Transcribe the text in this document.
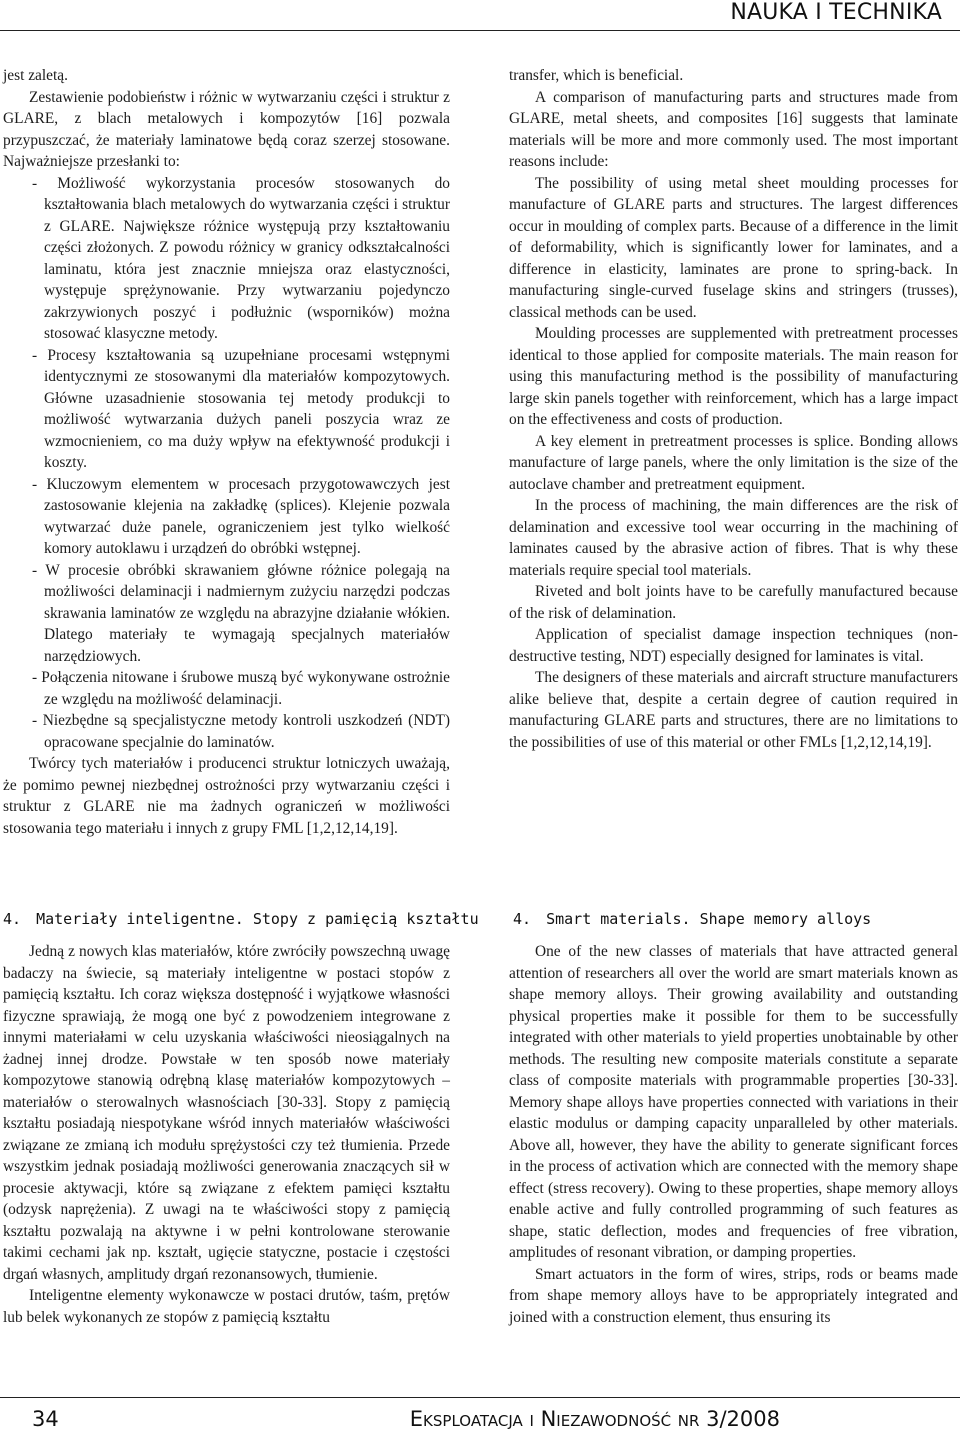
NAUKA I TECHNIKA

jest zaletą.

Zestawienie podobieństw i różnic w wytwarzaniu części i struktur z GLARE, z blach metalowych i kompozytów [16] pozwala przypuszczać, że materiały laminatowe będą coraz szerzej stosowane. Najważniejsze przesłanki to:

- Możliwość wykorzystania procesów stosowanych do kształtowania blach metalowych do wytwarzania części i struktur z GLARE. Największe różnice występują przy kształtowaniu części złożonych. Z powodu różnicy w granicy odkształcalności laminatu, która jest znacznie mniejsza oraz elastyczności, występuje sprężynowanie. Przy wytwarzaniu pojedynczo zakrzywionych poszyć i podłużnic (wsporników) można stosować klasyczne metody.

- Procesy kształtowania są uzupełniane procesami wstępnymi identycznymi ze stosowanymi dla materiałów kompozytowych. Główne uzasadnienie stosowania tej metody produkcji to możliwość wytwarzania dużych paneli poszycia wraz ze wzmocnieniem, co ma duży wpływ na efektywność produkcji i koszty.

- Kluczowym elementem w procesach przygotowawczych jest zastosowanie klejenia na zakładkę (splices). Klejenie pozwala wytwarzać duże panele, ograniczeniem jest tylko wielkość komory autoklawu i urządzeń do obróbki wstępnej.

- W procesie obróbki skrawaniem główne różnice polegają na możliwości delaminacji i nadmiernym zużyciu narzędzi podczas skrawania laminatów ze względu na abrazyjne działanie włókien. Dlatego materiały te wymagają specjalnych materiałów narzędziowych.

- Połączenia nitowane i śrubowe muszą być wykonywane ostrożnie ze względu na możliwość delaminacji.

- Niezbędne są specjalistyczne metody kontroli uszkodzeń (NDT) opracowane specjalnie do laminatów.

Twórcy tych materiałów i producenci struktur lotniczych uważają, że pomimo pewnej niezbędnej ostrożności przy wytwarzaniu części i struktur z GLARE nie ma żadnych ograniczeń w możliwości stosowania tego materiału i innych z grupy FML [1,2,12,14,19].

transfer, which is beneficial.

A comparison of manufacturing parts and structures made from GLARE, metal sheets, and composites [16] suggests that laminate materials will be more and more commonly used. The most important reasons include:

The possibility of using metal sheet moulding processes for manufacture of GLARE parts and structures. The largest differences occur in moulding of complex parts. Because of a difference in the limit of deformability, which is significantly lower for laminates, and a difference in elasticity, laminates are prone to spring-back. In manufacturing single-curved fuselage skins and stringers (trusses), classical methods can be used.

Moulding processes are supplemented with pretreatment processes identical to those applied for composite materials. The main reason for using this manufacturing method is the possibility of manufacturing large skin panels together with reinforcement, which has a large impact on the effectiveness and costs of production.

A key element in pretreatment processes is splice. Bonding allows manufacture of large panels, where the only limitation is the size of the autoclave chamber and pretreatment equipment.

In the process of machining, the main differences are the risk of delamination and excessive tool wear occurring in the machining of laminates caused by the abrasive action of fibres. That is why these materials require special tool materials.

Riveted and bolt joints have to be carefully manufactured because of the risk of delamination.

Application of specialist damage inspection techniques (non-destructive testing, NDT) especially designed for laminates is vital.

The designers of these materials and aircraft structure manufacturers alike believe that, despite a certain degree of caution required in manufacturing GLARE parts and structures, there are no limitations to the possibilities of use of this material or other FMLs [1,2,12,14,19].

4. Materiały inteligentne. Stopy z pamięcią kształtu 4. Smart materials. Shape memory alloys

Jedną z nowych klas materiałów, które zwróciły powszechną uwagę badaczy na świecie, są materiały inteligentne w postaci stopów z pamięcią kształtu. Ich coraz większa dostępność i wyjątkowe własności fizyczne sprawiają, że mogą one być z powodzeniem integrowane z innymi materiałami w celu uzyskania właściwości nieosiągalnych na żadnej innej drodze. Powstałe w ten sposób nowe materiały kompozytowe stanowią odrębną klasę materiałów kompozytowych – materiałów o sterowalnych własnościach [30-33]. Stopy z pamięcią kształtu posiadają niespotykane wśród innych materiałów właściwości związane ze zmianą ich modułu sprężystości czy też tłumienia. Przede wszystkim jednak posiadają możliwości generowania znaczących sił w procesie aktywacji, które są związane z efektem pamięci kształtu (odzysk naprężenia). Z uwagi na te właściwości stopy z pamięcią kształtu pozwalają na aktywne i w pełni kontrolowane sterowanie takimi cechami jak np. kształt, ugięcie statyczne, postacie i częstości drgań własnych, amplitudy drgań rezonansowych, tłumienie.

Inteligentne elementy wykonawcze w postaci drutów, taśm, prętów lub belek wykonanych ze stopów z pamięcią kształtu

One of the new classes of materials that have attracted general attention of researchers all over the world are smart materials known as shape memory alloys. Their growing availability and outstanding physical properties make it possible for them to be successfully integrated with other materials to yield properties unobtainable by other methods. The resulting new composite materials constitute a separate class of composite materials with programmable properties [30-33]. Memory shape alloys have properties connected with variations in their elastic modulus or damping capacity unparalleled by other materials. Above all, however, they have the ability to generate significant forces in the process of activation which are connected with the memory shape effect (stress recovery). Owing to these properties, shape memory alloys enable active and fully controlled programming of such features as shape, static deflection, modes and frequencies of free vibration, amplitudes of resonant vibration, or damping properties.

Smart actuators in the form of wires, strips, rods or beams made from shape memory alloys have to be appropriately integrated and joined with a construction element, thus ensuring its

34	Eksploatacja i Niezawodność nr 3/2008
